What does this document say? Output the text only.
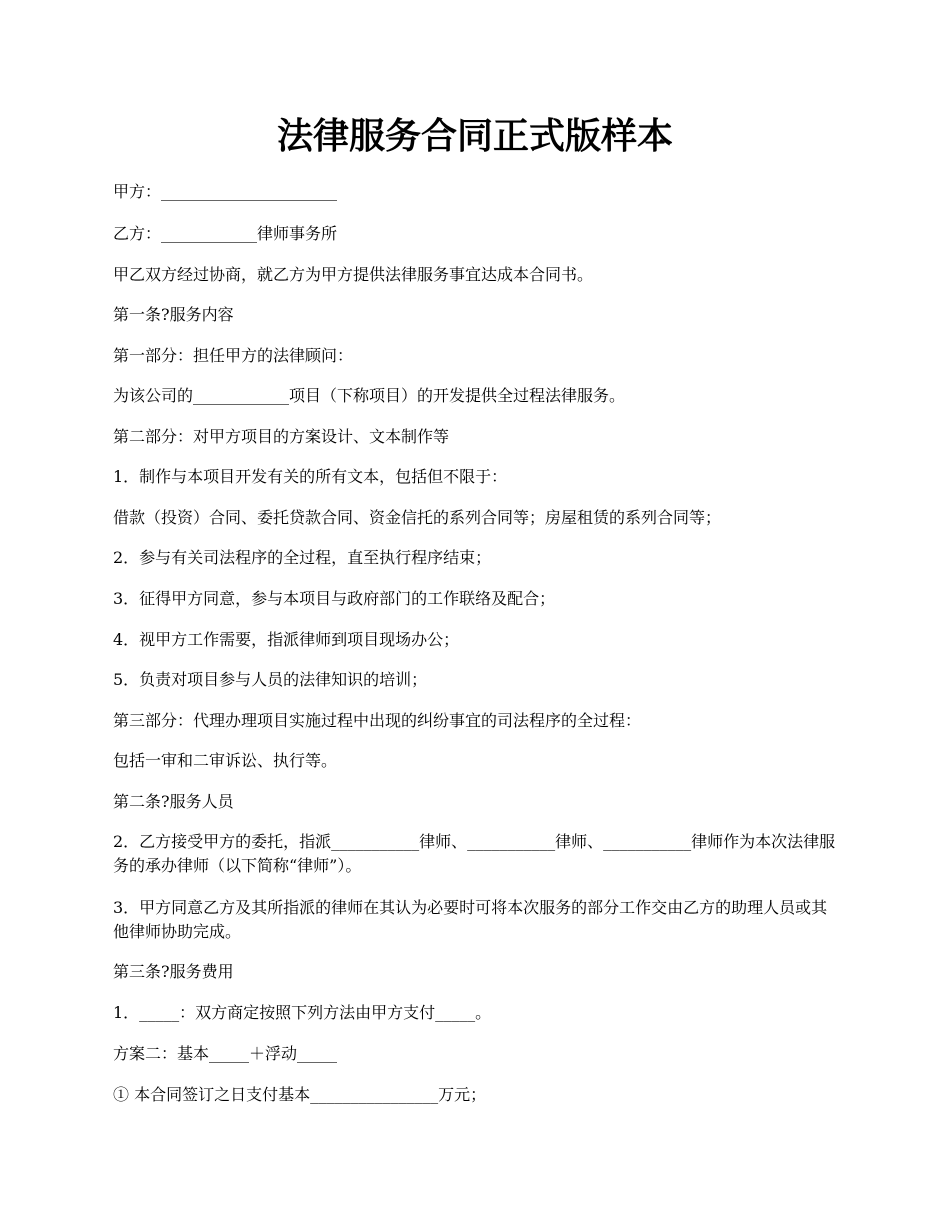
法律服务合同正式版样本
甲方：______________________
乙方：____________律师事务所
甲乙双方经过协商，就乙方为甲方提供法律服务事宜达成本合同书。
第一条?服务内容
第一部分：担任甲方的法律顾问：
为该公司的____________项目（下称项目）的开发提供全过程法律服务。
第二部分：对甲方项目的方案设计、文本制作等
1．制作与本项目开发有关的所有文本，包括但不限于：
借款（投资）合同、委托贷款合同、资金信托的系列合同等；房屋租赁的系列合同等；
2．参与有关司法程序的全过程，直至执行程序结束；
3．征得甲方同意，参与本项目与政府部门的工作联络及配合；
4．视甲方工作需要，指派律师到项目现场办公；
5．负责对项目参与人员的法律知识的培训；
第三部分：代理办理项目实施过程中出现的纠纷事宜的司法程序的全过程：
包括一审和二审诉讼、执行等。
第二条?服务人员
2．乙方接受甲方的委托，指派___________律师、___________律师、___________律师作为本次法律服务的承办律师（以下简称“律师”）。
3．甲方同意乙方及其所指派的律师在其认为必要时可将本次服务的部分工作交由乙方的助理人员或其他律师协助完成。
第三条?服务费用
1．_____：双方商定按照下列方法由甲方支付_____。
方案二：基本_____＋浮动_____
① 本合同签订之日支付基本________________万元；
